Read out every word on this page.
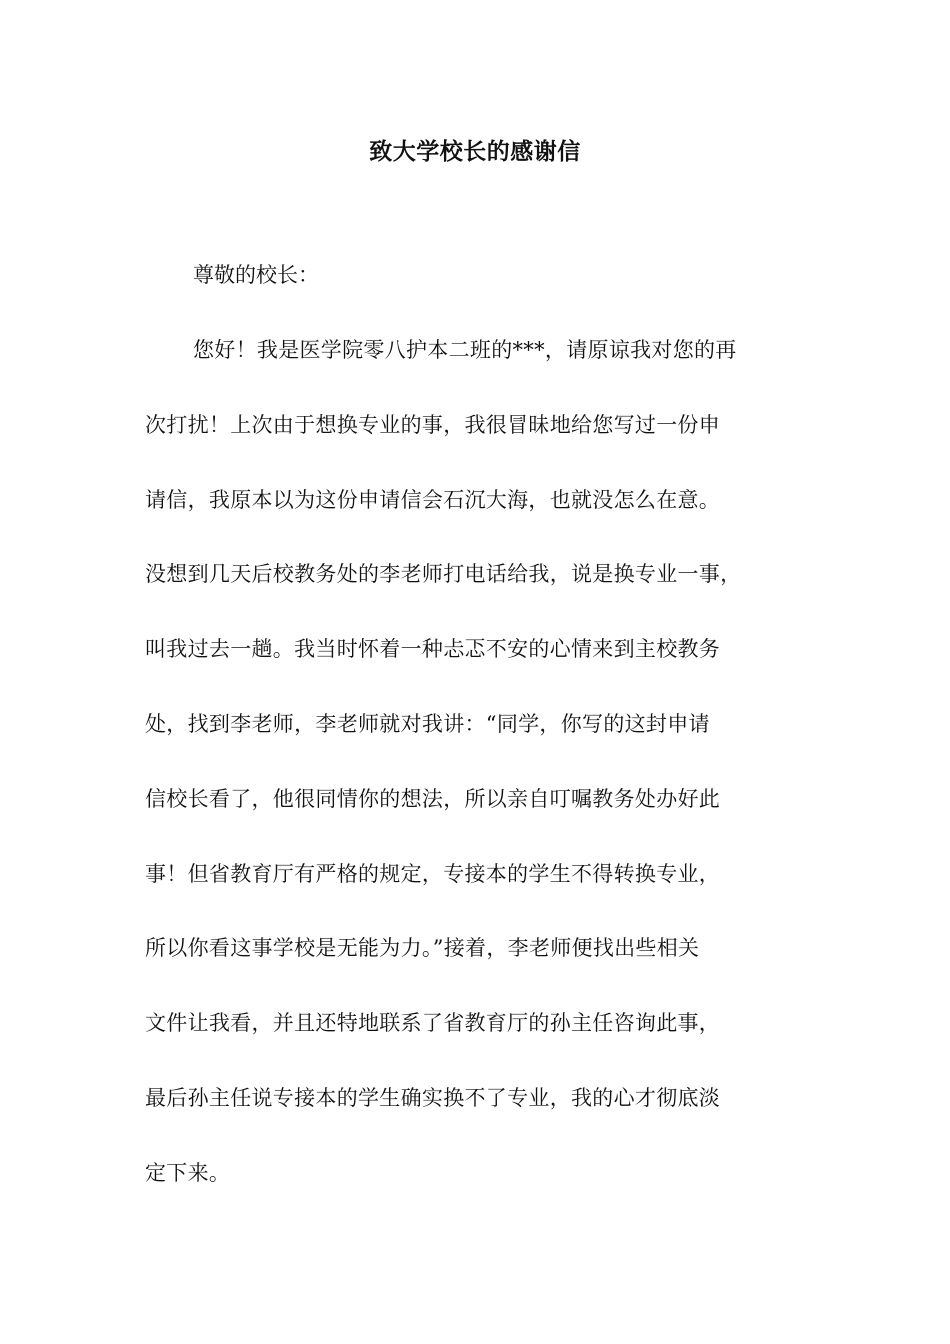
致大学校长的感谢信
尊敬的校长：
您好！我是医学院零八护本二班的***，请原谅我对您的再
次打扰！上次由于想换专业的事，我很冒昧地给您写过一份申
请信，我原本以为这份申请信会石沉大海，也就没怎么在意。
没想到几天后校教务处的李老师打电话给我，说是换专业一事，
叫我过去一趟。我当时怀着一种忐忑不安的心情来到主校教务
处，找到李老师，李老师就对我讲：“同学，你写的这封申请
信校长看了，他很同情你的想法，所以亲自叮嘱教务处办好此
事！但省教育厅有严格的规定，专接本的学生不得转换专业，
所以你看这事学校是无能为力。”接着，李老师便找出些相关
文件让我看，并且还特地联系了省教育厅的孙主任咨询此事，
最后孙主任说专接本的学生确实换不了专业，我的心才彻底淡
定下来。
